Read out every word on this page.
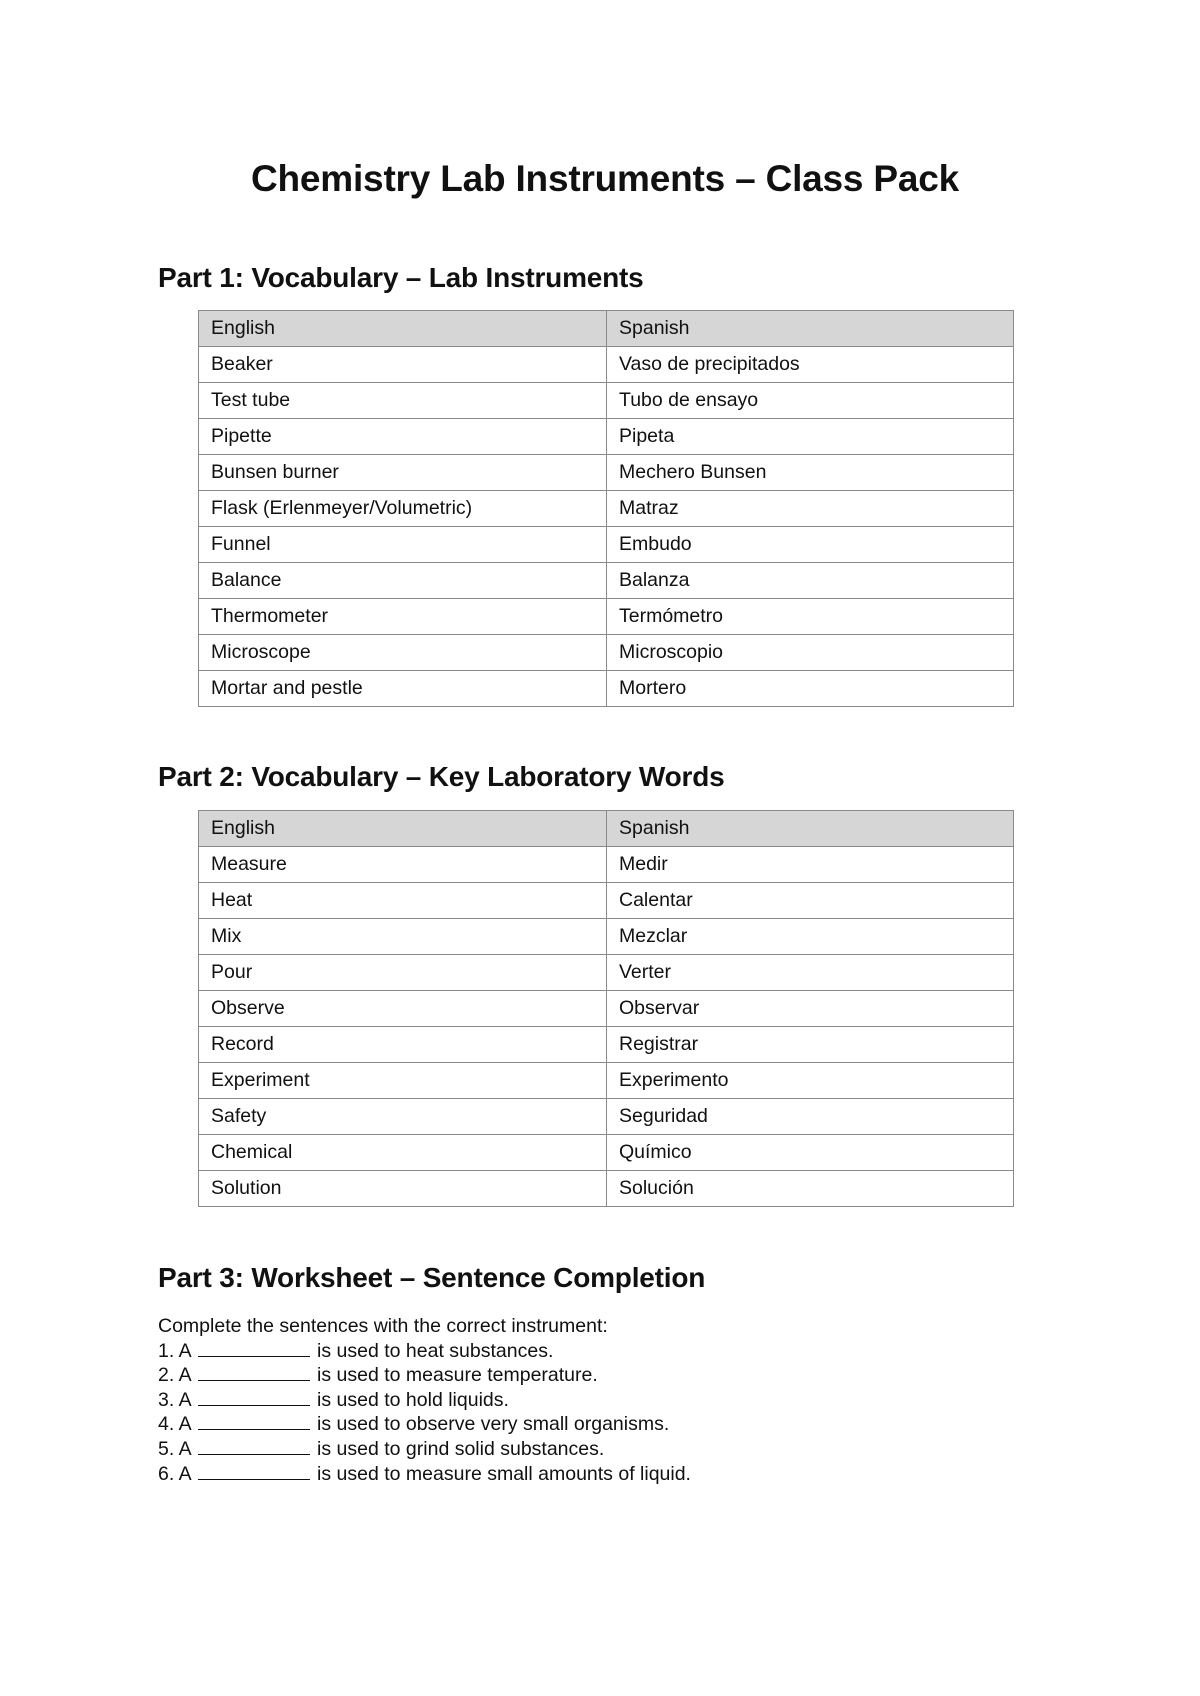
Chemistry Lab Instruments – Class Pack
Part 1: Vocabulary – Lab Instruments
English	Spanish
Beaker	Vaso de precipitados
Test tube	Tubo de ensayo
Pipette	Pipeta
Bunsen burner	Mechero Bunsen
Flask (Erlenmeyer/Volumetric)	Matraz
Funnel	Embudo
Balance	Balanza
Thermometer	Termómetro
Microscope	Microscopio
Mortar and pestle	Mortero
Part 2: Vocabulary – Key Laboratory Words
English	Spanish
Measure	Medir
Heat	Calentar
Mix	Mezclar
Pour	Verter
Observe	Observar
Record	Registrar
Experiment	Experimento
Safety	Seguridad
Chemical	Químico
Solution	Solución
Part 3: Worksheet – Sentence Completion
Complete the sentences with the correct instrument:
1. A	is used to heat substances.
2. A	is used to measure temperature.
3. A	is used to hold liquids.
4. A	is used to observe very small organisms.
5. A	is used to grind solid substances.
6. A	is used to measure small amounts of liquid.
